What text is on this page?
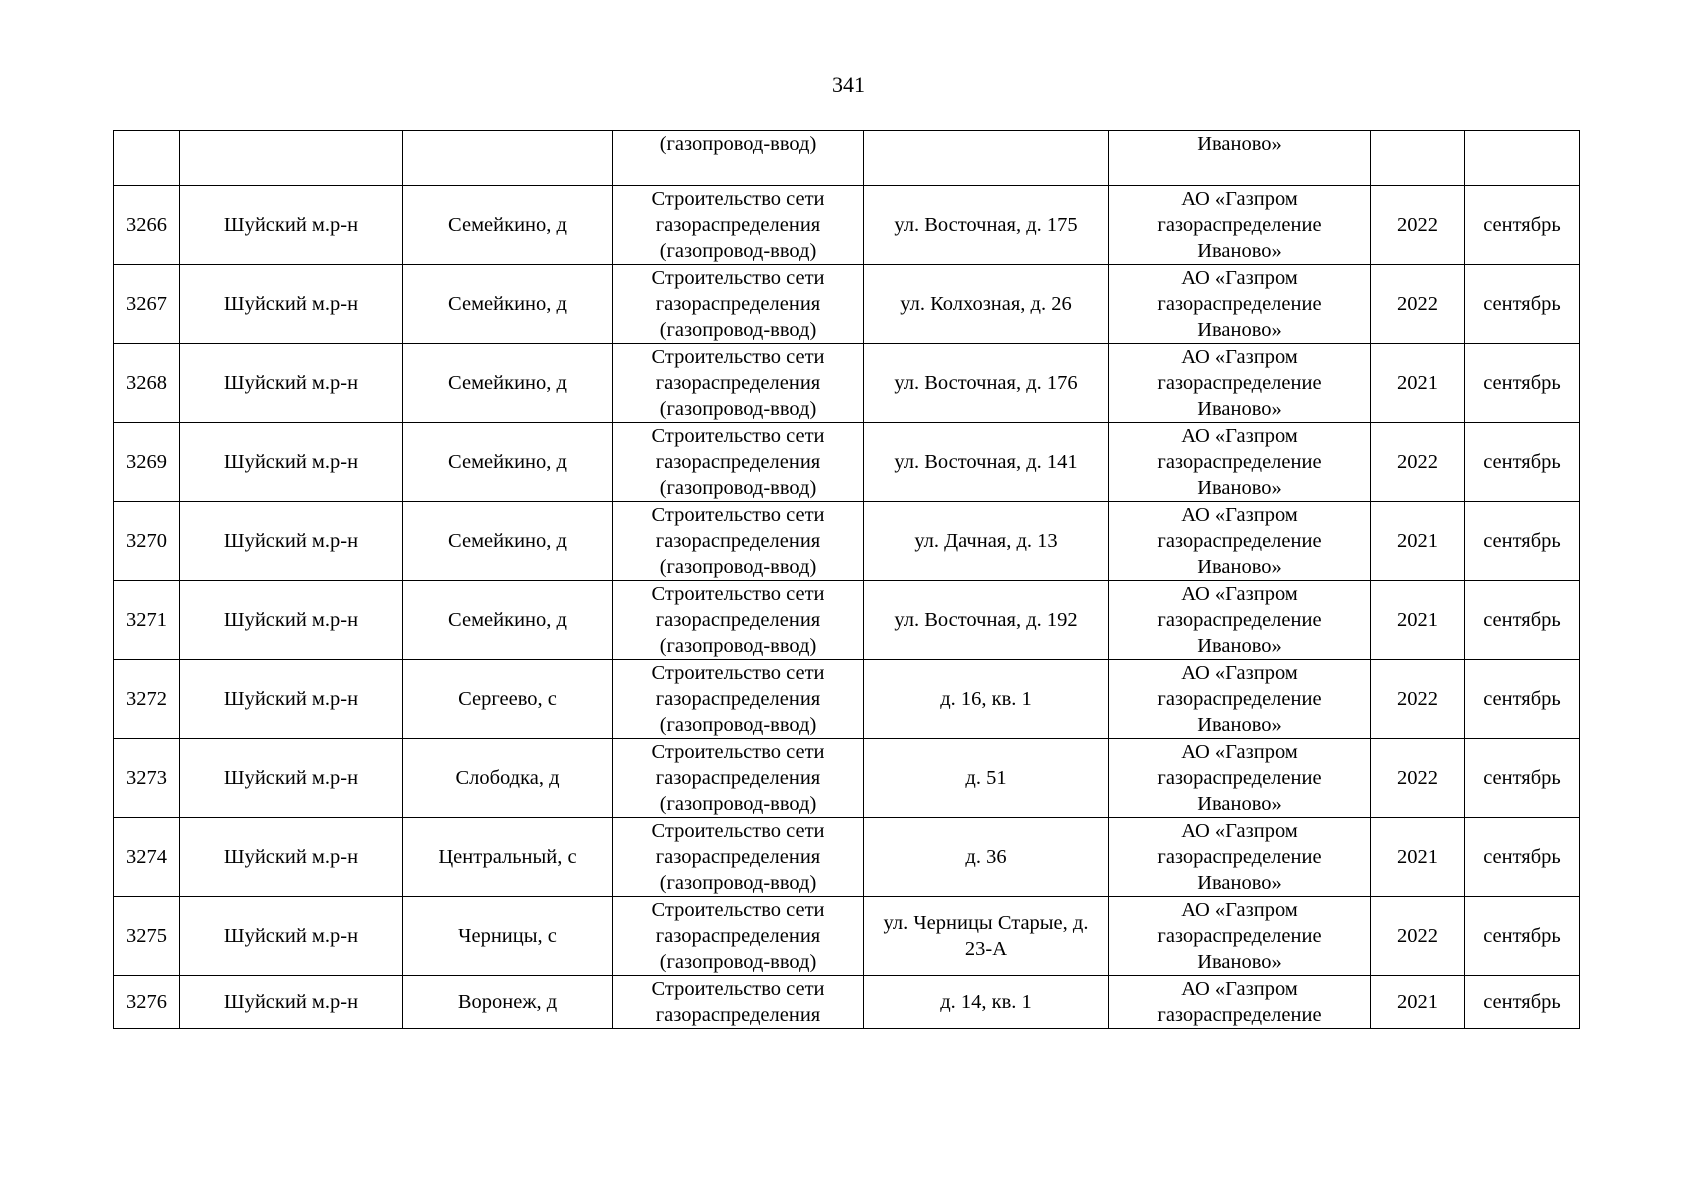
341
			(газопровод-ввод)		Иваново»		
3266	Шуйский м.р-н	Семейкино, д	Строительство сети
газораспределения
(газопровод-ввод)	ул. Восточная, д. 175	АО «Газпром
газораспределение
Иваново»	2022	сентябрь
3267	Шуйский м.р-н	Семейкино, д	Строительство сети
газораспределения
(газопровод-ввод)	ул. Колхозная, д. 26	АО «Газпром
газораспределение
Иваново»	2022	сентябрь
3268	Шуйский м.р-н	Семейкино, д	Строительство сети
газораспределения
(газопровод-ввод)	ул. Восточная, д. 176	АО «Газпром
газораспределение
Иваново»	2021	сентябрь
3269	Шуйский м.р-н	Семейкино, д	Строительство сети
газораспределения
(газопровод-ввод)	ул. Восточная, д. 141	АО «Газпром
газораспределение
Иваново»	2022	сентябрь
3270	Шуйский м.р-н	Семейкино, д	Строительство сети
газораспределения
(газопровод-ввод)	ул. Дачная, д. 13	АО «Газпром
газораспределение
Иваново»	2021	сентябрь
3271	Шуйский м.р-н	Семейкино, д	Строительство сети
газораспределения
(газопровод-ввод)	ул. Восточная, д. 192	АО «Газпром
газораспределение
Иваново»	2021	сентябрь
3272	Шуйский м.р-н	Сергеево, с	Строительство сети
газораспределения
(газопровод-ввод)	д. 16, кв. 1	АО «Газпром
газораспределение
Иваново»	2022	сентябрь
3273	Шуйский м.р-н	Слободка, д	Строительство сети
газораспределения
(газопровод-ввод)	д. 51	АО «Газпром
газораспределение
Иваново»	2022	сентябрь
3274	Шуйский м.р-н	Центральный, с	Строительство сети
газораспределения
(газопровод-ввод)	д. 36	АО «Газпром
газораспределение
Иваново»	2021	сентябрь
3275	Шуйский м.р-н	Черницы, с	Строительство сети
газораспределения
(газопровод-ввод)	ул. Черницы Старые, д.
23-А	АО «Газпром
газораспределение
Иваново»	2022	сентябрь
3276	Шуйский м.р-н	Воронеж, д	Строительство сети
газораспределения	д. 14, кв. 1	АО «Газпром
газораспределение	2021	сентябрь
